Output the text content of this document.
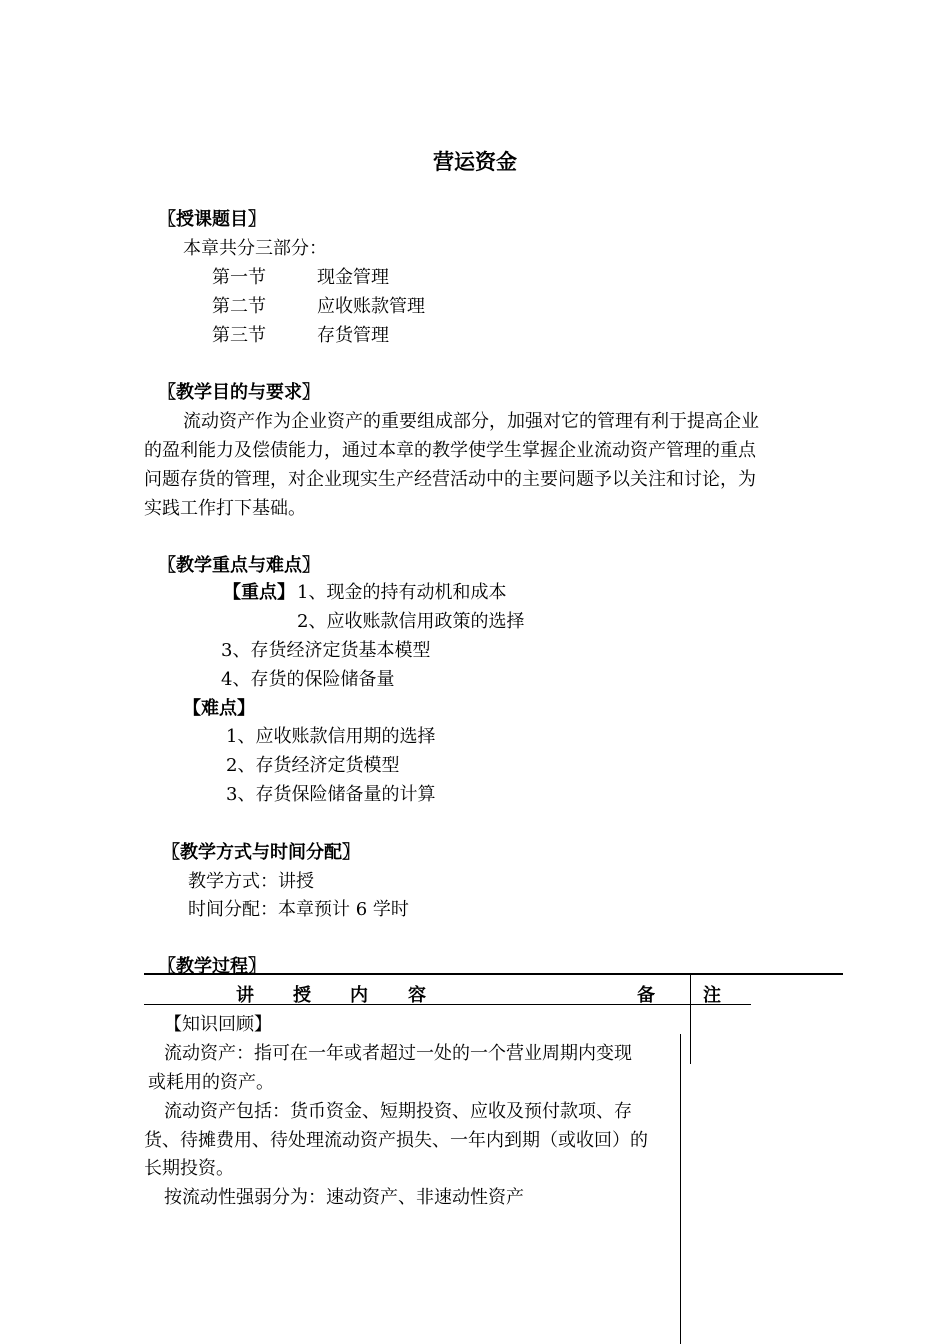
营运资金
〖授课题目〗
本章共分三部分：
第一节	现金管理
第二节	应收账款管理
第三节	存货管理
〖教学目的与要求〗
流动资产作为企业资产的重要组成部分，加强对它的管理有利于提高企业
的盈利能力及偿债能力，通过本章的教学使学生掌握企业流动资产管理的重点
问题存货的管理，对企业现实生产经营活动中的主要问题予以关注和讨论，为
实践工作打下基础。
〖教学重点与难点〗
【重点】 1、现金的持有动机和成本
2、应收账款信用政策的选择
3、存货经济定货基本模型
4、存货的保险储备量
【难点】
1、应收账款信用期的选择
2、存货经济定货模型
3、存货保险储备量的计算
〖教学方式与时间分配〗
教学方式：讲授
时间分配：本章预计 6 学时
〖教学过程〗
讲 授 内 容	备	注
【知识回顾】
流动资产：指可在一年或者超过一处的一个营业周期内变现
或耗用的资产。
流动资产包括：货币资金、短期投资、应收及预付款项、存
货、待摊费用、待处理流动资产损失、一年内到期（或收回）的
长期投资。
按流动性强弱分为：速动资产、非速动性资产
